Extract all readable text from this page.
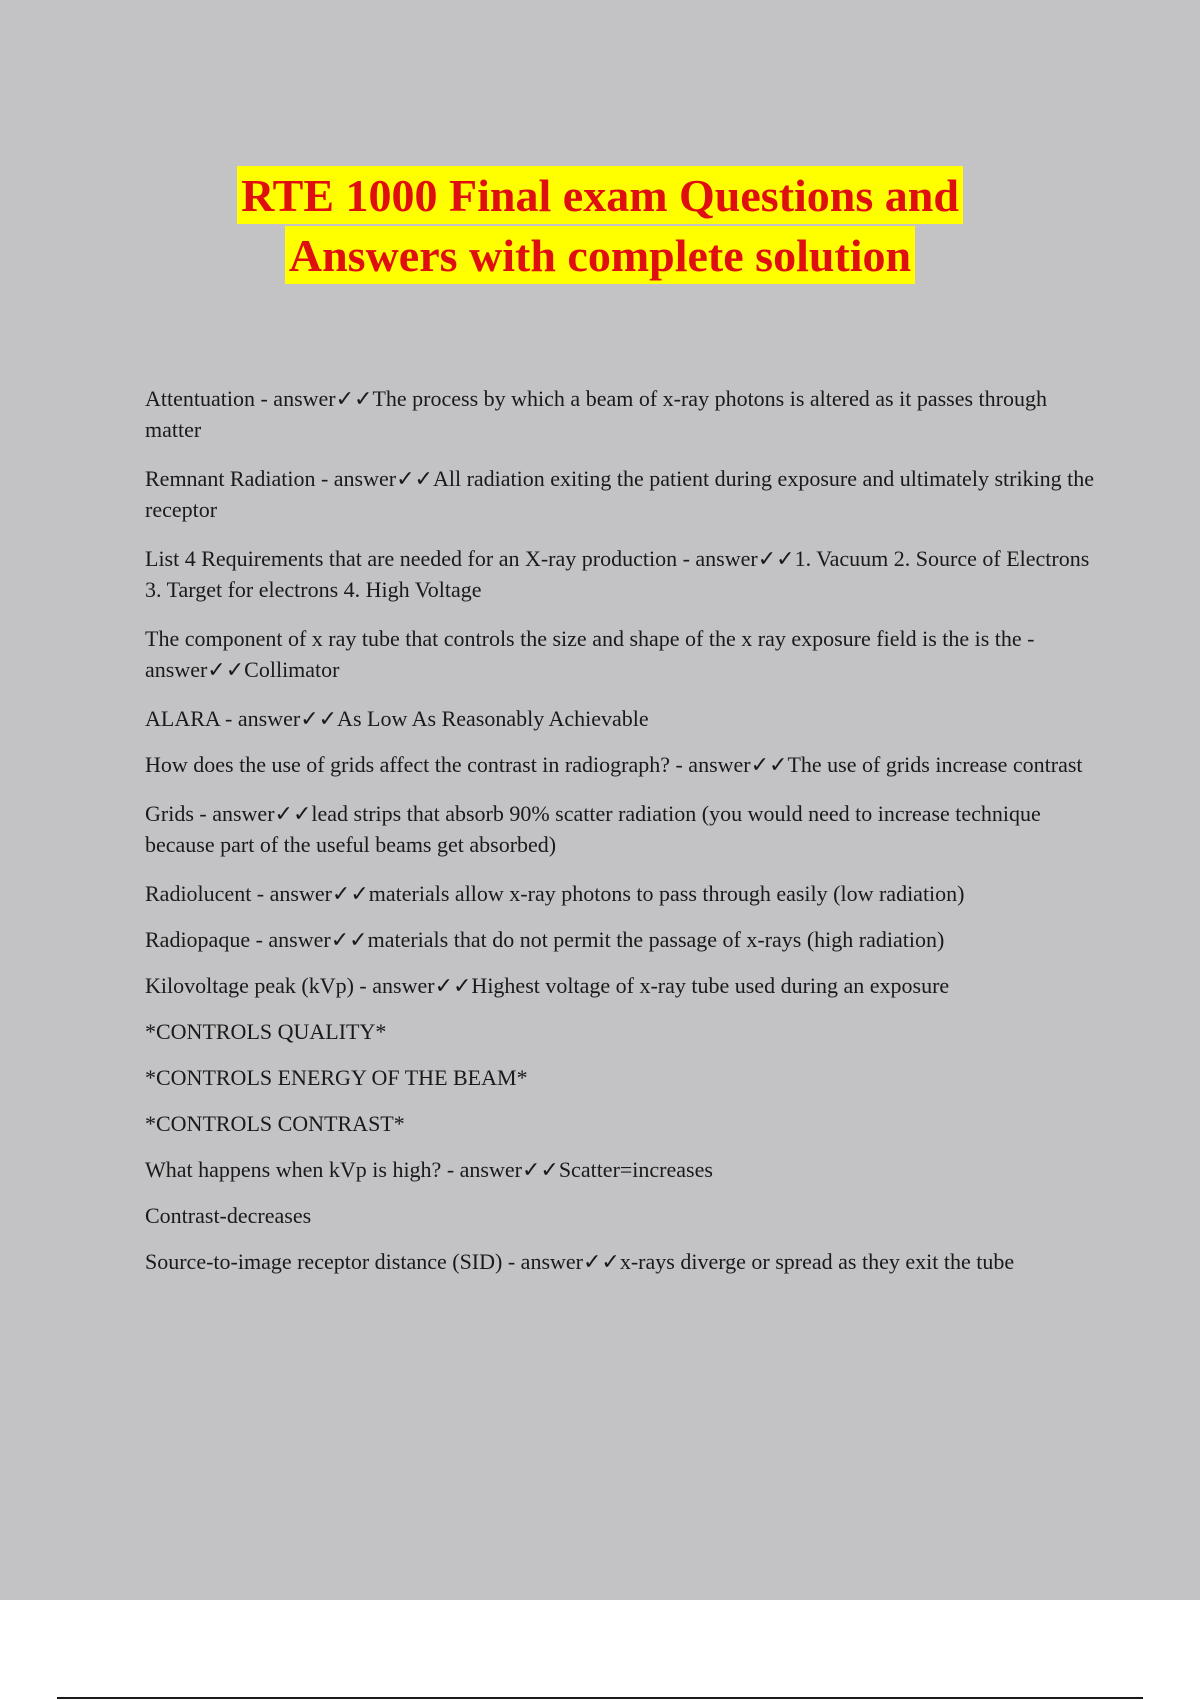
RTE 1000 Final exam Questions and
Answers with complete solution

Attentuation - answer✓✓The process by which a beam of x-ray photons is altered as it passes through matter

Remnant Radiation - answer✓✓All radiation exiting the patient during exposure and ultimately striking the receptor

List 4 Requirements that are needed for an X-ray production - answer✓✓1. Vacuum 2. Source of Electrons 3. Target for electrons 4. High Voltage

The component of x ray tube that controls the size and shape of the x ray exposure field is the is the - answer✓✓Collimator

ALARA - answer✓✓As Low As Reasonably Achievable

How does the use of grids affect the contrast in radiograph? - answer✓✓The use of grids increase contrast

Grids - answer✓✓lead strips that absorb 90% scatter radiation (you would need to increase technique because part of the useful beams get absorbed)

Radiolucent - answer✓✓materials allow x-ray photons to pass through easily (low radiation)

Radiopaque - answer✓✓materials that do not permit the passage of x-rays (high radiation)

Kilovoltage peak (kVp) - answer✓✓Highest voltage of x-ray tube used during an exposure

*CONTROLS QUALITY*

*CONTROLS ENERGY OF THE BEAM*

*CONTROLS CONTRAST*

What happens when kVp is high? - answer✓✓Scatter=increases

Contrast-decreases

Source-to-image receptor distance (SID) - answer✓✓x-rays diverge or spread as they exit the tube
